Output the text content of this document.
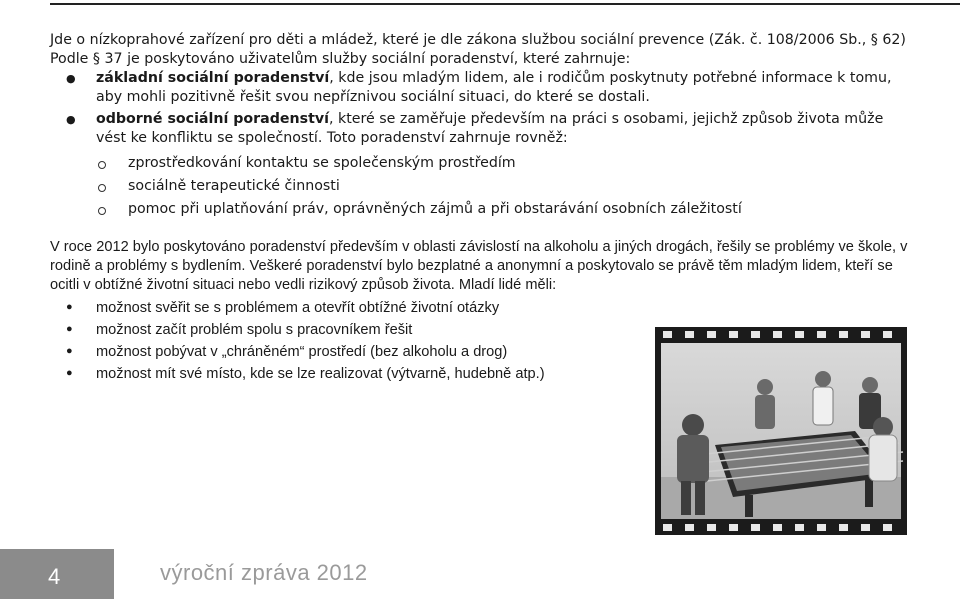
Jde o nízkoprahové zařízení pro děti a mládež, které je dle zákona službou sociální prevence (Zák. č. 108/2006 Sb., § 62)
Podle § 37 je poskytováno uživatelům služby sociální poradenství, které zahrnuje:

● základní sociální poradenství, kde jsou mladým lidem, ale i rodičům poskytnuty potřebné informace k tomu, aby mohli pozitivně řešit svou nepříznivou sociální situaci, do které se dostali.
● odborné sociální poradenství, které se zaměřuje především na práci s osobami, jejichž způsob života může vést ke konfliktu se společností. Toto poradenství zahrnuje rovněž:
zprostředkování kontaktu se společenským prostředím
sociálně terapeutické činnosti
pomoc při uplatňování práv, oprávněných zájmů a při obstarávání osobních záležitostí

V roce 2012 bylo poskytováno poradenství především v oblasti závislostí na alkoholu a jiných drogách, řešily se problémy ve škole, v rodině a problémy s bydlením. Veškeré poradenství bylo bezplatné a anonymní a poskytovalo se právě těm mladým lidem, kteří se ocitli v obtížné životní situaci nebo vedli rizikový způsob života. Mladí lidé měli:

● možnost svěřit se s problémem a otevřít obtížné životní otázky
● možnost začít problém spolu s pracovníkem řešit
● možnost pobývat v „chráněném“ prostředí (bez alkoholu a drog)
● možnost mít své místo, kde se lze realizovat (výtvarně, hudebně atp.)
4	výroční zpráva 2012
